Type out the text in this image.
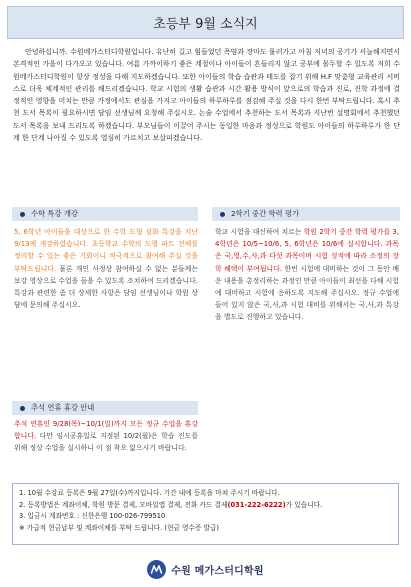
초등부 9월 소식지
안녕하십니까. 수원메가스터디학원입니다. 유난히 길고 힘들었던 폭염과 장마도 물러가고 아침 저녁의 공기가 서늘해지면서 본격적인 가을이 다가오고 있습니다. 여름 가까이하기 좋은 계절이나 아이들이 흔들리지 않고 공부에 몰두할 수 있도록 저희 수원메가스터디학원이 항상 정성을 다해 지도하겠습니다. 또한 아이들의 학습 습관과 태도를 잡기 위해 H.F 맞춤형 교육관리 서비스로 더욱 체계적인 관리를 해드리겠습니다. 학교 시험의 생활 습관과 시간 활용 방식이 앞으로의 학습과 진로, 진학 과정에 결정적인 영향을 미치는 만큼 가정에서도 관심을 가지고 아이들의 하루하루를 점검해 주실 것을 다시 한번 부탁드립니다. 혹시 추천 도서 목록이 필요하시면 담임 선생님께 요청해 주십시오. 논술 수업에서 추천하는 도서 목록과 지난번 설명회에서 추천했던 도서 목록을 보내 드리도록 하겠습니다. 부모님들이 이끌어 주시는 동일한 마음과 정성으로 학원도 아이들의 하루하루가 한 단계 한 단계 나아질 수 있도록 열심히 가르치고 보살피겠습니다.
수학 특강 개강
5, 6학년 아이들을 대상으로 한 수학 도형 심화 특강을 지난 9/13에 개강하였습니다. 초등학교 수학의 도형 파트 전체를 정리할 수 있는 좋은 기회이니 적극적으로 참여해 주실 것을 부탁드립니다. 물론 개인 사정상 참여하실 수 없는 분들께는 보강 영상으로 수업을 들을 수 있도록 조치하여 드리겠습니다. 특강과 관련한 좀 더 상세한 사항은 담임 선생님이나 학원 상담에 문의해 주십시오.
추석 연휴 휴강 안내
추석 연휴인 9/28(목)~10/1(일)까지 모든 정규 수업을 휴강합니다. 다만 임시공휴일로 지정된 10/2(월)은 학습 진도를 위해 정상 수업을 실시하니 이 점 착오 없으시기 바랍니다.
2학기 중간 학력 평가
학교 시험을 대신하여 치르는 학원 2학기 중간 학력 평가를 3, 4학년은 10/5~10/6, 5, 6학년은 10/6에 실시합니다. 과목은 국,영,수,사,과 다섯 과목이며 시험 성적에 따라 소정의 장학 혜택이 부여됩니다. 한번 시험에 대비하는 것이 그 동안 배운 내용을 총정리하는 과정인 만큼 아이들이 최선을 다해 시험에 대비하고 시험에 응하도록 지도해 주십시오. 정규 수업에 들어 있지 않은 국,사,과 시험 대비를 위해서는 국,사,과 특강을 별도로 진행하고 있습니다.
1. 10월 수강료 등록은 9월 27일(수)까지입니다. 기간 내에 등록을 마쳐 주시기 바랍니다.
2. 등록방법은 계좌이체, 학원 방문 결제, 모바일앱 결제, 전화 카드 결제(031-222-6222)가 있습니다.
3. 입금시 계좌번호 : 신한은행 100-026-799510
※ 가급적 현금납부 및 계좌이체를 부탁 드립니다. (현금 영수증 발급)
수원 메가스터디학원
